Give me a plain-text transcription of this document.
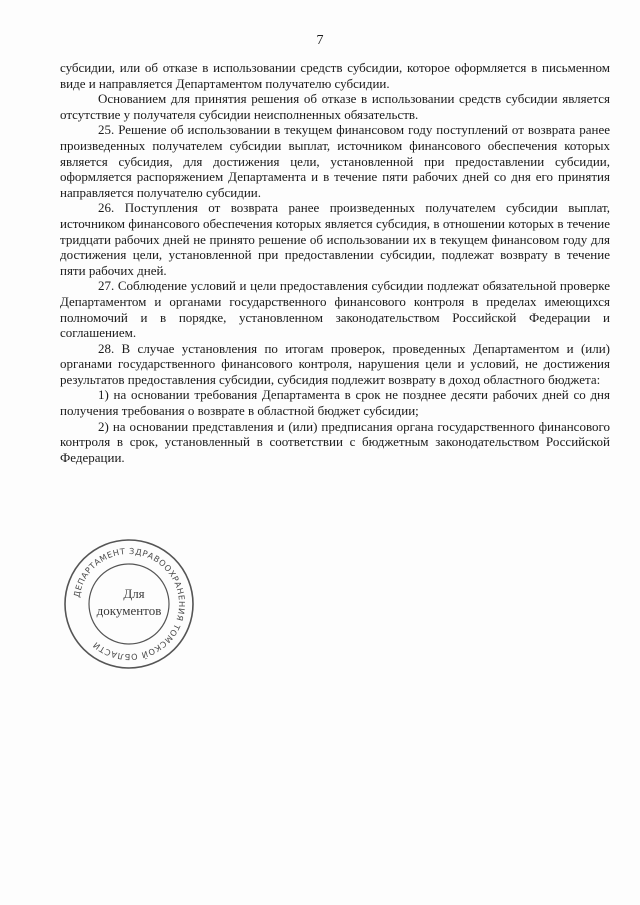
7

субсидии, или об отказе в использовании средств субсидии, которое оформляется в письменном виде и направляется Департаментом получателю субсидии.

Основанием для принятия решения об отказе в использовании средств субсидии является отсутствие у получателя субсидии неисполненных обязательств.

25. Решение об использовании в текущем финансовом году поступлений от возврата ранее произведенных получателем субсидии выплат, источником финансового обеспечения которых является субсидия, для достижения цели, установленной при предоставлении субсидии, оформляется распоряжением Департамента и в течение пяти рабочих дней со дня его принятия направляется получателю субсидии.

26. Поступления от возврата ранее произведенных получателем субсидии выплат, источником финансового обеспечения которых является субсидия, в отношении которых в течение тридцати рабочих дней не принято решение об использовании их в текущем финансовом году для достижения цели, установленной при предоставлении субсидии, подлежат возврату в течение пяти рабочих дней.

27. Соблюдение условий и цели предоставления субсидии подлежат обязательной проверке Департаментом и органами государственного финансового контроля в пределах имеющихся полномочий и в порядке, установленном законодательством Российской Федерации и соглашением.

28. В случае установления по итогам проверок, проведенных Департаментом и (или) органами государственного финансового контроля, нарушения цели и условий, не достижения результатов предоставления субсидии, субсидия подлежит возврату в доход областного бюджета:

1) на основании требования Департамента в срок не позднее десяти рабочих дней со дня получения требования о возврате в областной бюджет субсидии;

2) на основании представления и (или) предписания органа государственного финансового контроля в срок, установленный в соответствии с бюджетным законодательством Российской Федерации.

ДЕПАРТАМЕНТ ЗДРАВООХРАНЕНИЯ ТОМСКОЙ ОБЛАСТИ
Для
документов
